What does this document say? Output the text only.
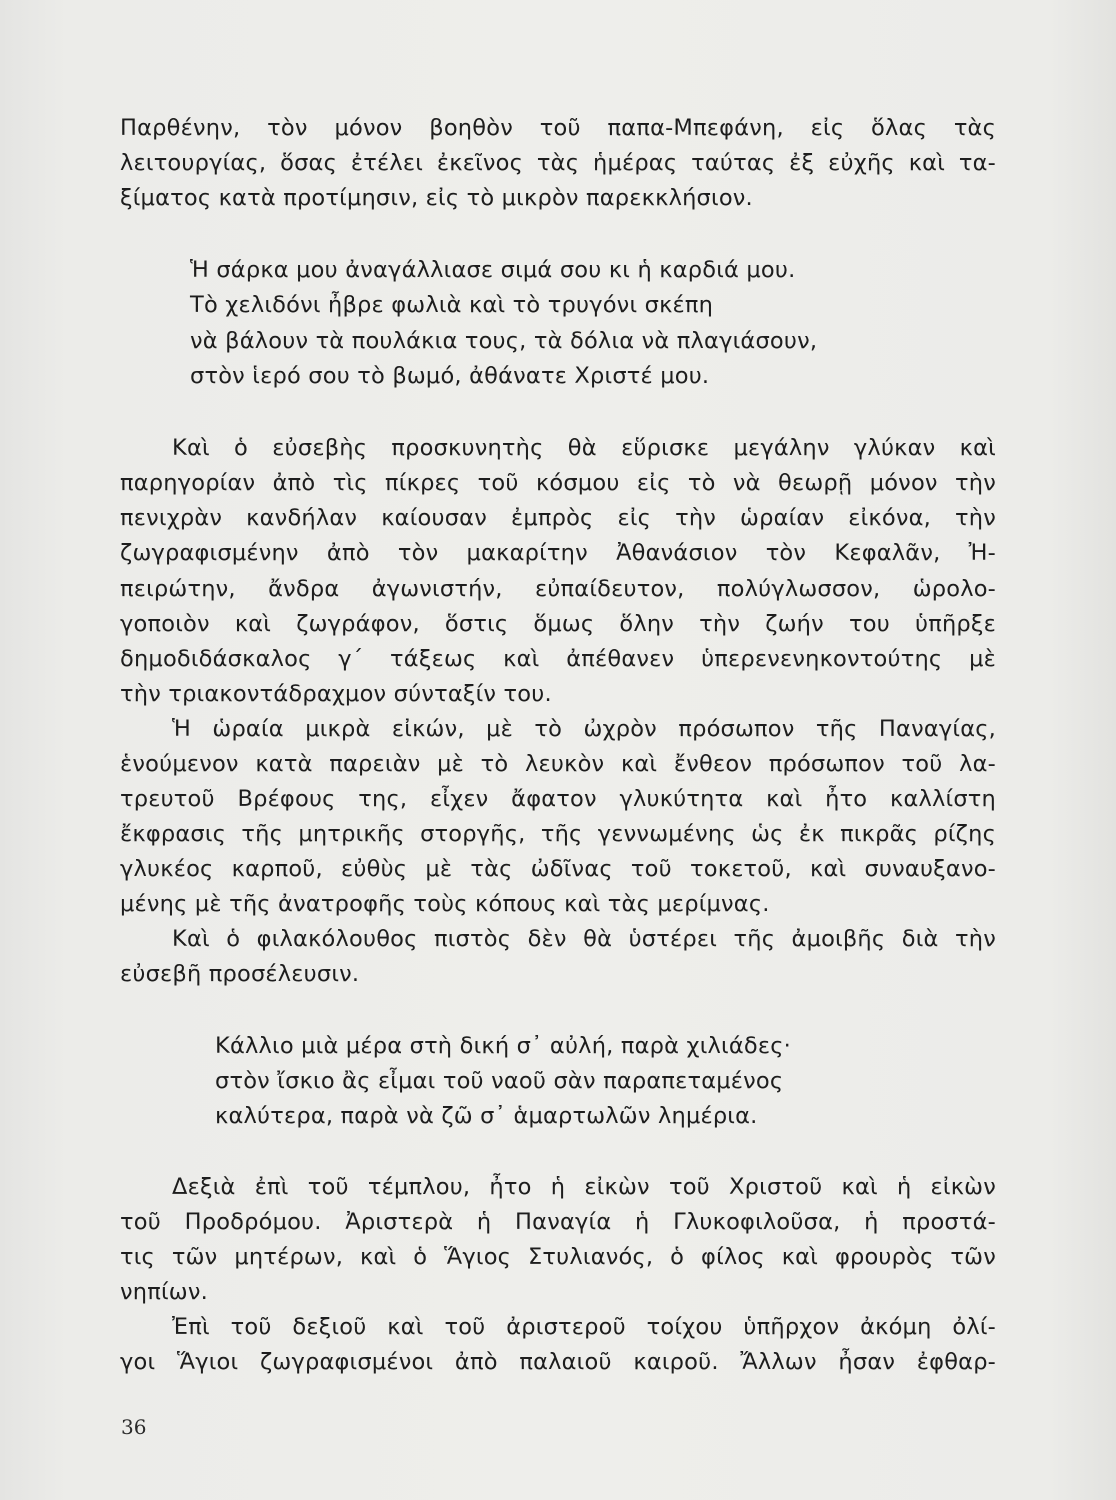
Παρθένην, τὸν μόνον βοηθὸν τοῦ παπα-Μπεφάνη, εἰς ὅλας τὰς
λειτουργίας, ὅσας ἐτέλει ἐκεῖνος τὰς ἡμέρας ταύτας ἐξ εὐχῆς καὶ τα-
ξίματος κατὰ προτίμησιν, εἰς τὸ μικρὸν παρεκκλήσιον.
Ἡ σάρκα μου ἀναγάλλιασε σιμά σου κι ἡ καρδιά μου.
Τὸ χελιδόνι ἦβρε φωλιὰ καὶ τὸ τρυγόνι σκέπη
νὰ βάλουν τὰ πουλάκια τους, τὰ δόλια νὰ πλαγιάσουν,
στὸν ἱερό σου τὸ βωμό, ἀθάνατε Χριστέ μου.
Καὶ ὁ εὐσεβὴς προσκυνητὴς θὰ εὕρισκε μεγάλην γλύκαν καὶ
παρηγορίαν ἀπὸ τὶς πίκρες τοῦ κόσμου εἰς τὸ νὰ θεωρῇ μόνον τὴν
πενιχρὰν κανδήλαν καίουσαν ἐμπρὸς εἰς τὴν ὡραίαν εἰκόνα, τὴν
ζωγραφισμένην ἀπὸ τὸν μακαρίτην Ἀθανάσιον τὸν Κεφαλᾶν, Ἠ-
πειρώτην, ἄνδρα ἀγωνιστήν, εὐπαίδευτον, πολύγλωσσον, ὡρολο-
γοποιὸν καὶ ζωγράφον, ὅστις ὅμως ὅλην τὴν ζωήν του ὑπῆρξε
δημοδιδάσκαλος γ΄ τάξεως καὶ ἀπέθανεν ὑπερενενηκοντούτης μὲ
τὴν τριακοντάδραχμον σύνταξίν του.
Ἡ ὡραία μικρὰ εἰκών, μὲ τὸ ὠχρὸν πρόσωπον τῆς Παναγίας,
ἑνούμενον κατὰ παρειὰν μὲ τὸ λευκὸν καὶ ἔνθεον πρόσωπον τοῦ λα-
τρευτοῦ Βρέφους της, εἶχεν ἄφατον γλυκύτητα καὶ ἦτο καλλίστη
ἔκφρασις τῆς μητρικῆς στοργῆς, τῆς γεννωμένης ὡς ἐκ πικρᾶς ρίζης
γλυκέος καρποῦ, εὐθὺς μὲ τὰς ὠδῖνας τοῦ τοκετοῦ, καὶ συναυξανο-
μένης μὲ τῆς ἀνατροφῆς τοὺς κόπους καὶ τὰς μερίμνας.
Καὶ ὁ φιλακόλουθος πιστὸς δὲν θὰ ὑστέρει τῆς ἀμοιβῆς διὰ τὴν
εὐσεβῆ προσέλευσιν.
Κάλλιο μιὰ μέρα στὴ δική σ᾿ αὐλή, παρὰ χιλιάδες·
στὸν ἴσκιο ἂς εἶμαι τοῦ ναοῦ σὰν παραπεταμένος
καλύτερα, παρὰ νὰ ζῶ σ᾿ ἁμαρτωλῶν λημέρια.
Δεξιὰ ἐπὶ τοῦ τέμπλου, ἦτο ἡ εἰκὼν τοῦ Χριστοῦ καὶ ἡ εἰκὼν
τοῦ Προδρόμου. Ἀριστερὰ ἡ Παναγία ἡ Γλυκοφιλοῦσα, ἡ προστά-
τις τῶν μητέρων, καὶ ὁ Ἅγιος Στυλιανός, ὁ φίλος καὶ φρουρὸς τῶν
νηπίων.
Ἐπὶ τοῦ δεξιοῦ καὶ τοῦ ἀριστεροῦ τοίχου ὑπῆρχον ἀκόμη ὀλί-
γοι Ἅγιοι ζωγραφισμένοι ἀπὸ παλαιοῦ καιροῦ. Ἄλλων ἦσαν ἐφθαρ-
36
